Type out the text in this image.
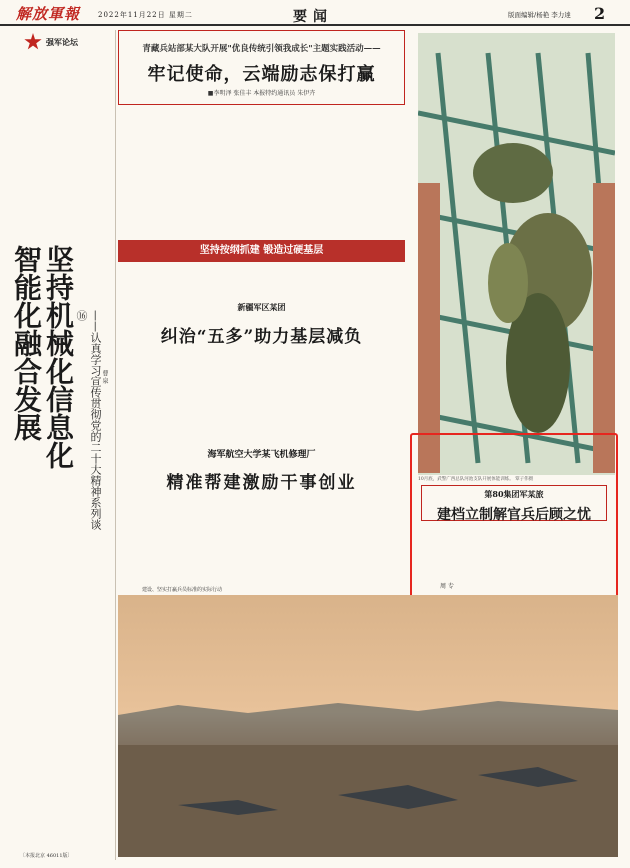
解放軍報	2022年11月22日 星期二	要闻	版面编辑/杨艳 李力達 2
强军论坛
坚持机械化信息化智能化融合发展	——认真学习宣传贯彻党的二十大精神系列谈⑯
曹 泉
〔本报北京 46011版〕
青藏兵站部某大队开展"优良传统引领我成长"主题实践活动——
牢记使命，云端励志保打赢
■李明泽 张佳丰 本报特约通讯员 朱伊卉
坚持按纲抓建 锻造过硬基层
新疆军区某团
纠治“五多”助力基层减负
海军航空大学某飞机修理厂
精准帮建激励干事创业
建设、坚实打赢兵员标准的实际行动	周 专
10月底，武警广西总队河池支队开展体能训练。 覃子伟摄
第80集团军某旅
建档立制解官兵后顾之忧
